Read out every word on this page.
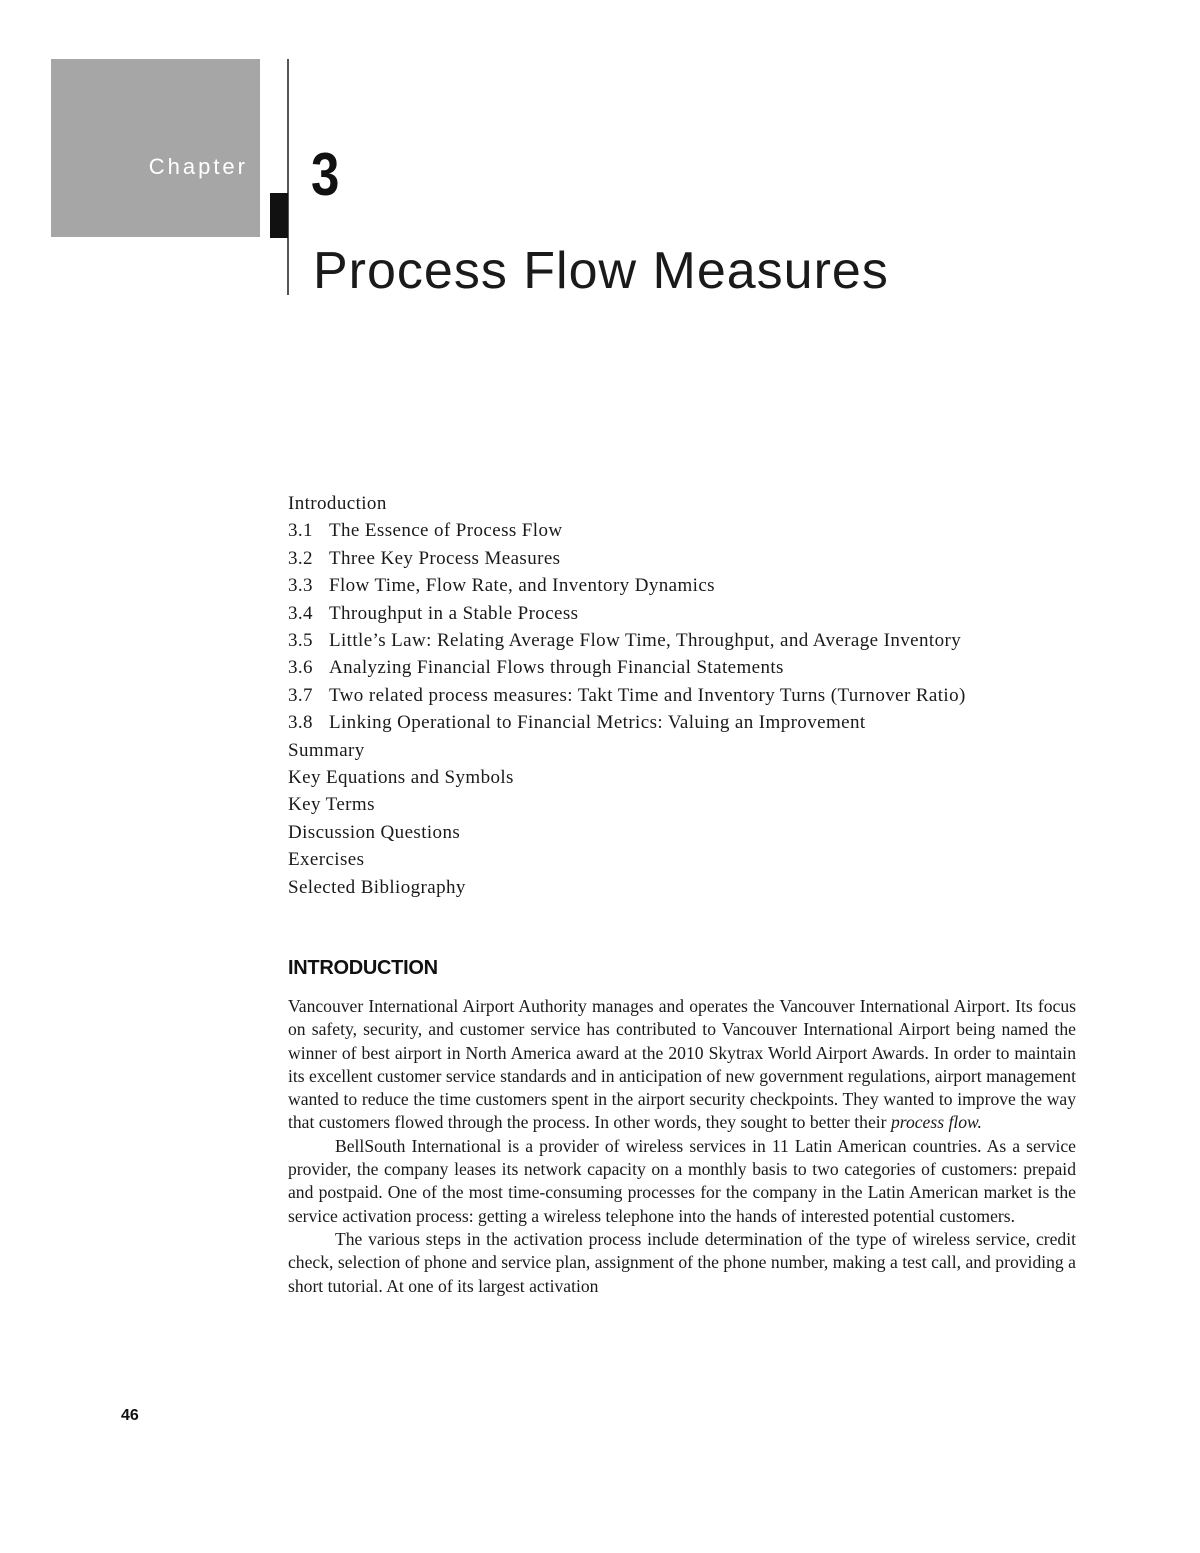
Chapter 3
Process Flow Measures
Introduction
3.1 The Essence of Process Flow
3.2 Three Key Process Measures
3.3 Flow Time, Flow Rate, and Inventory Dynamics
3.4 Throughput in a Stable Process
3.5 Little’s Law: Relating Average Flow Time, Throughput, and Average Inventory
3.6 Analyzing Financial Flows through Financial Statements
3.7 Two related process measures: Takt Time and Inventory Turns (Turnover Ratio)
3.8 Linking Operational to Financial Metrics: Valuing an Improvement
Summary
Key Equations and Symbols
Key Terms
Discussion Questions
Exercises
Selected Bibliography
INTRODUCTION

Vancouver International Airport Authority manages and operates the Vancouver International Airport. Its focus on safety, security, and customer service has contributed to Vancouver International Airport being named the winner of best airport in North America award at the 2010 Skytrax World Airport Awards. In order to maintain its excellent customer service standards and in anticipation of new government regulations, airport management wanted to reduce the time customers spent in the airport security checkpoints. They wanted to improve the way that customers flowed through the process. In other words, they sought to better their process flow.

BellSouth International is a provider of wireless services in 11 Latin American countries. As a service provider, the company leases its network capacity on a monthly basis to two categories of customers: prepaid and postpaid. One of the most time-consuming processes for the company in the Latin American market is the service activation process: getting a wireless telephone into the hands of interested potential customers.

The various steps in the activation process include determination of the type of wireless service, credit check, selection of phone and service plan, assignment of the phone number, making a test call, and providing a short tutorial. At one of its largest activation

46
